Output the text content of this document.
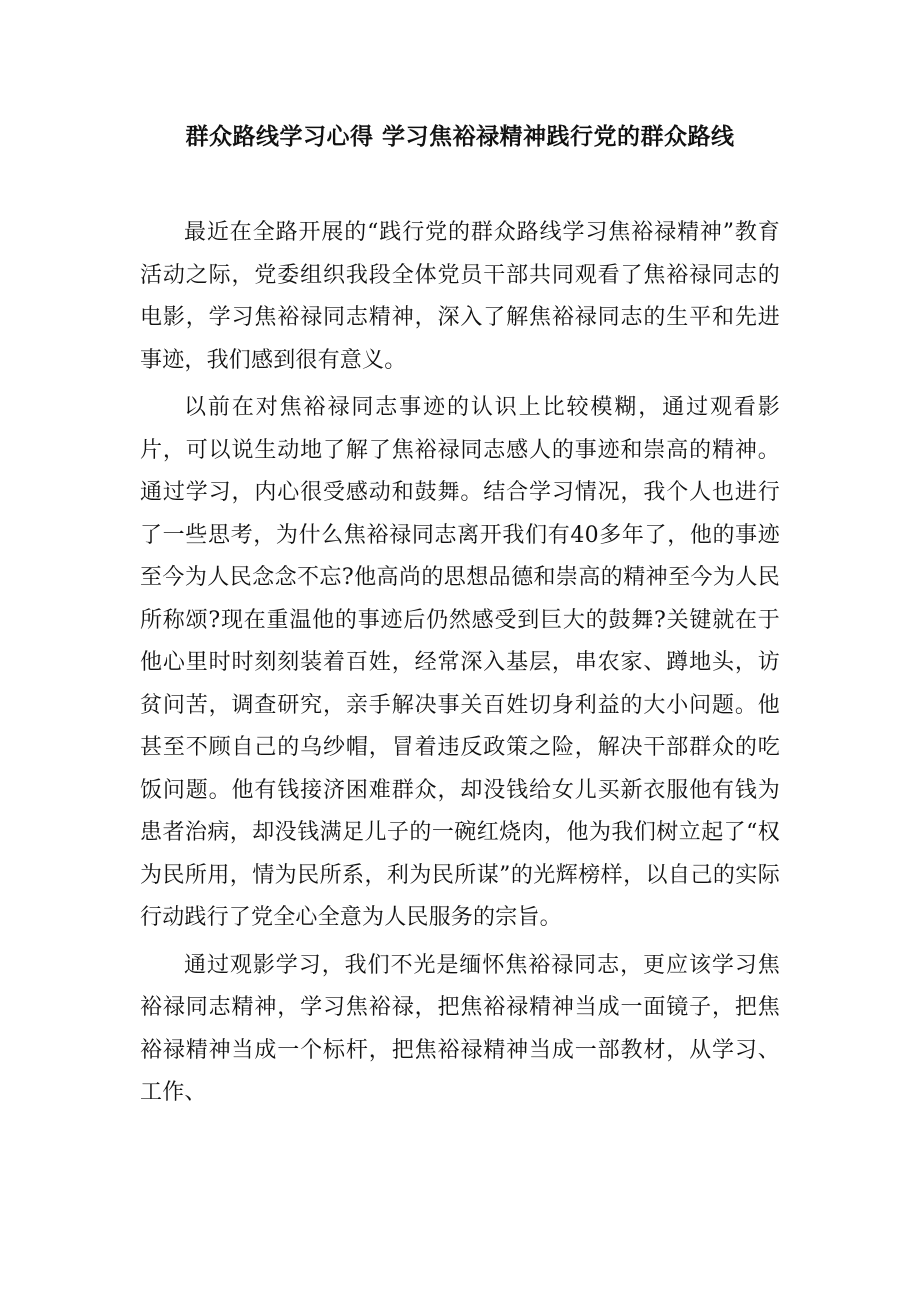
群众路线学习心得 学习焦裕禄精神践行党的群众路线

最近在全路开展的“践行党的群众路线学习焦裕禄精神”教育活动之际，党委组织我段全体党员干部共同观看了焦裕禄同志的电影，学习焦裕禄同志精神，深入了解焦裕禄同志的生平和先进事迹，我们感到很有意义。

以前在对焦裕禄同志事迹的认识上比较模糊，通过观看影片，可以说生动地了解了焦裕禄同志感人的事迹和崇高的精神。通过学习，内心很受感动和鼓舞。结合学习情况，我个人也进行了一些思考，为什么焦裕禄同志离开我们有40多年了，他的事迹至今为人民念念不忘?他高尚的思想品德和崇高的精神至今为人民所称颂?现在重温他的事迹后仍然感受到巨大的鼓舞?关键就在于他心里时时刻刻装着百姓，经常深入基层，串农家、蹲地头，访贫问苦，调查研究，亲手解决事关百姓切身利益的大小问题。他甚至不顾自己的乌纱帽，冒着违反政策之险，解决干部群众的吃饭问题。他有钱接济困难群众，却没钱给女儿买新衣服他有钱为患者治病，却没钱满足儿子的一碗红烧肉，他为我们树立起了“权为民所用，情为民所系，利为民所谋”的光辉榜样，以自己的实际行动践行了党全心全意为人民服务的宗旨。

通过观影学习，我们不光是缅怀焦裕禄同志，更应该学习焦裕禄同志精神，学习焦裕禄，把焦裕禄精神当成一面镜子，把焦裕禄精神当成一个标杆，把焦裕禄精神当成一部教材，从学习、工作、
